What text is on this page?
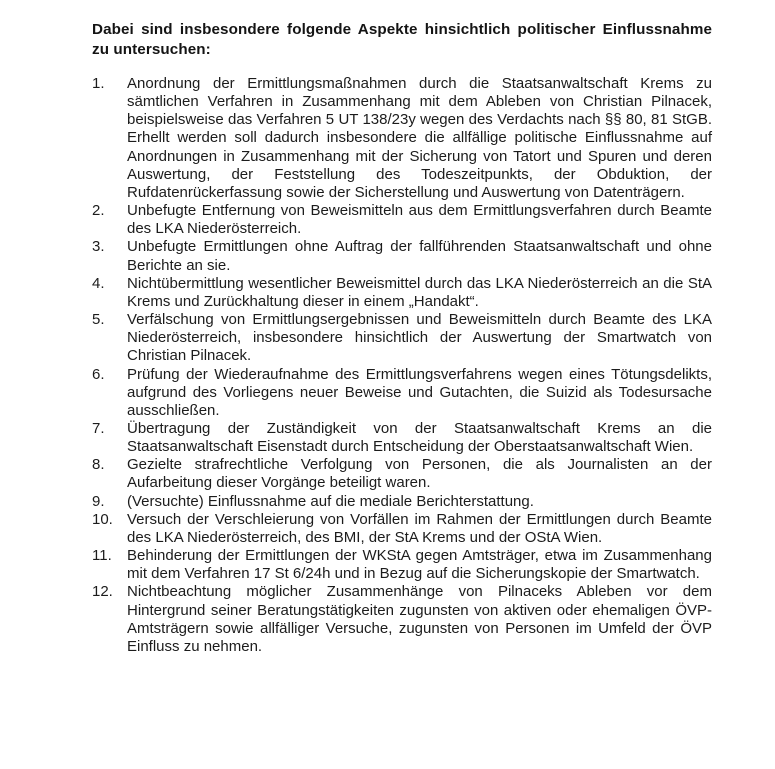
Dabei sind insbesondere folgende Aspekte hinsichtlich politischer Einflussnahme zu untersuchen:

1.	Anordnung der Ermittlungsmaßnahmen durch die Staatsanwaltschaft Krems zu sämtlichen Verfahren in Zusammenhang mit dem Ableben von Christian Pilnacek, beispielsweise das Verfahren 5 UT 138/23y wegen des Verdachts nach §§ 80, 81 StGB. Erhellt werden soll dadurch insbesondere die allfällige politische Einflussnahme auf Anordnungen in Zusammenhang mit der Sicherung von Tatort und Spuren und deren Auswertung, der Feststellung des Todeszeitpunkts, der Obduktion, der Rufdatenrückerfassung sowie der Sicherstellung und Auswertung von Datenträgern.
2.	Unbefugte Entfernung von Beweismitteln aus dem Ermittlungsverfahren durch Beamte des LKA Niederösterreich.
3.	Unbefugte Ermittlungen ohne Auftrag der fallführenden Staatsanwaltschaft und ohne Berichte an sie.
4.	Nichtübermittlung wesentlicher Beweismittel durch das LKA Niederösterreich an die StA Krems und Zurückhaltung dieser in einem „Handakt“.
5.	Verfälschung von Ermittlungsergebnissen und Beweismitteln durch Beamte des LKA Niederösterreich, insbesondere hinsichtlich der Auswertung der Smartwatch von Christian Pilnacek.
6.	Prüfung der Wiederaufnahme des Ermittlungsverfahrens wegen eines Tötungsdelikts, aufgrund des Vorliegens neuer Beweise und Gutachten, die Suizid als Todesursache ausschließen.
7.	Übertragung der Zuständigkeit von der Staatsanwaltschaft Krems an die Staatsanwaltschaft Eisenstadt durch Entscheidung der Oberstaatsanwaltschaft Wien.
8.	Gezielte strafrechtliche Verfolgung von Personen, die als Journalisten an der Aufarbeitung dieser Vorgänge beteiligt waren.
9.	(Versuchte) Einflussnahme auf die mediale Berichterstattung.
10. Versuch der Verschleierung von Vorfällen im Rahmen der Ermittlungen durch Beamte des LKA Niederösterreich, des BMI, der StA Krems und der OStA Wien.
11.	Behinderung der Ermittlungen der WKStA gegen Amtsträger, etwa im Zusammenhang mit dem Verfahren 17 St 6/24h und in Bezug auf die Sicherungskopie der Smartwatch.
12. Nichtbeachtung möglicher Zusammenhänge von Pilnaceks Ableben vor dem Hintergrund seiner Beratungstätigkeiten zugunsten von aktiven oder ehemaligen ÖVP-Amtsträgern sowie allfälliger Versuche, zugunsten von Personen im Umfeld der ÖVP Einfluss zu nehmen.
